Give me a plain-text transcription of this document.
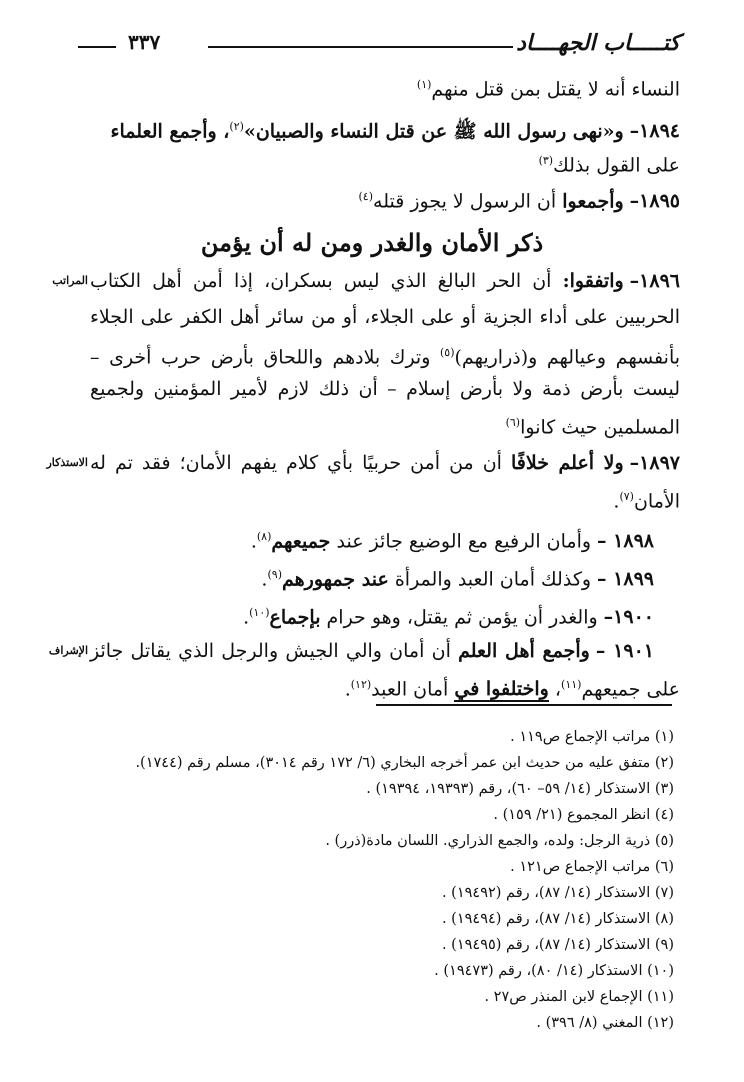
كتـــــاب الجهــــاد
٣٣٧
النساء أنه لا يقتل بمن قتل منهم$^{(١)}$
١٨٩٤–و«نهى رسول الله ﷺ عن قتل النساء والصبيان»$^{(٢)}$، وأجمع العلماء
على القول بذلك$^{(٣)}$
١٨٩٥–وأجمعوا أن الرسول لا يجوز قتله$^{(٤)}$
ذكر الأمان والغدر ومن له أن يؤمن
المراتب	١٨٩٦–واتفقوا: أن الحر البالغ الذي ليس بسكران، إذا أمن أهل الكتاب
الحربيين على أداء الجزية أو على الجلاء، أو من سائر أهل الكفر على الجلاء
بأنفسهم وعيالهم و(ذراريهم)$^{(٥)}$ وترك بلادهم واللحاق بأرض حرب أخرى –
ليست بأرض ذمة ولا بأرض إسلام – أن ذلك لازم لأمير المؤمنين ولجميع
المسلمين حيث كانوا$^{(٦)}$
الاستذكار	١٨٩٧–ولا أعلم خلافًا أن من أمن حربيًا بأي كلام يفهم الأمان؛ فقد تم له
الأمان$^{(٧)}$.
١٨٩٨ –وأمان الرفيع مع الوضيع جائز عند جميعهم$^{(٨)}$.
١٨٩٩ –وكذلك أمان العبد والمرأة عند جمهورهم$^{(٩)}$.
١٩٠٠–والغدر أن يؤمن ثم يقتل، وهو حرام بإجماع$^{(١٠)}$.
الإشراف	١٩٠١ –وأجمع أهل العلم أن أمان والي الجيش والرجل الذي يقاتل جائز
على جميعهم$^{(١١)}$، واختلفوا في أمان العبد$^{(١٢)}$.
(١) مراتب الإجماع ص١١٩ .
(٢) متفق عليه من حديث ابن عمر أخرجه البخاري (٦/ ١٧٢ رقم ٣٠١٤)، مسلم رقم (١٧٤٤).
(٣) الاستذكار (١٤/ ٥٩– ٦٠)، رقم (١٩٣٩٣، ١٩٣٩٤) .
(٤) انظر المجموع (٢١/ ١٥٩) .
(٥) ذرية الرجل: ولده، والجمع الذراري. اللسان مادة(ذرر) .
(٦) مراتب الإجماع ص١٢١ .
(٧) الاستذكار (١٤/ ٨٧)، رقم (١٩٤٩٢) .
(٨) الاستذكار (١٤/ ٨٧)، رقم (١٩٤٩٤) .
(٩) الاستذكار (١٤/ ٨٧)، رقم (١٩٤٩٥) .
(١٠) الاستذكار (١٤/ ٨٠)، رقم (١٩٤٧٣) .
(١١) الإجماع لابن المنذر ص٢٧ .
(١٢) المغني (٨/ ٣٩٦) .
